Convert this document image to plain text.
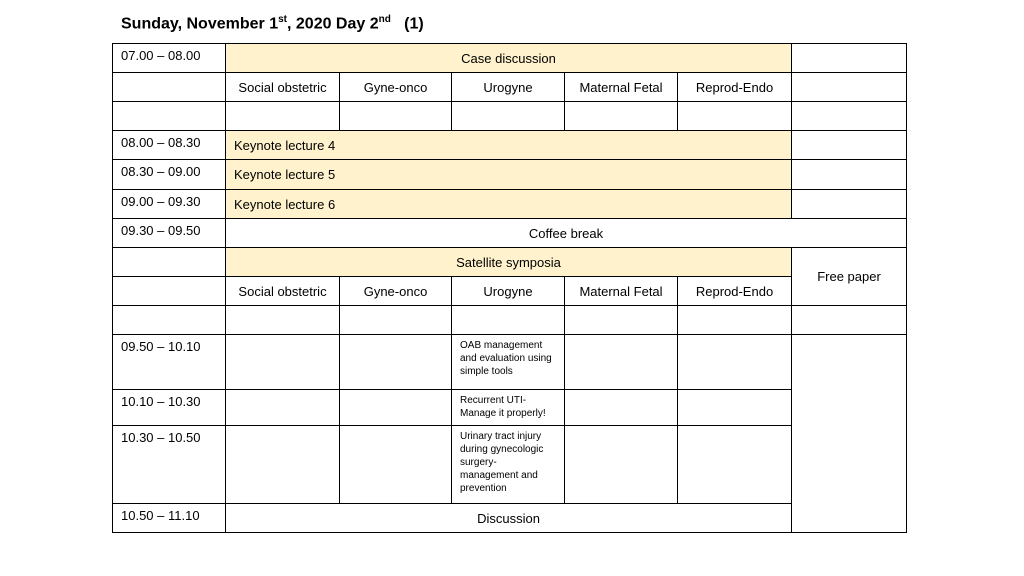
Sunday, November 1st, 2020 Day 2nd   (1)
07.00 – 08.00	Case discussion					
	Social obstetric	Gyne-onco	Urogyne	Maternal Fetal	Reprod-Endo	

08.00 – 08.30	Keynote lecture 4					
08.30 – 09.00	Keynote lecture 5					
09.00 – 09.30	Keynote lecture 6					
09.30 – 09.50	Coffee break					
	Satellite symposia					Free paper
	Social obstetric	Gyne-onco	Urogyne	Maternal Fetal	Reprod-Endo	

09.50 – 10.10			OAB management and evaluation using simple tools			
10.10 – 10.30			Recurrent UTI- Manage it properly!			
10.30 – 10.50			Urinary tract injury during gynecologic surgery- management and prevention			
10.50 – 11.10	Discussion					
